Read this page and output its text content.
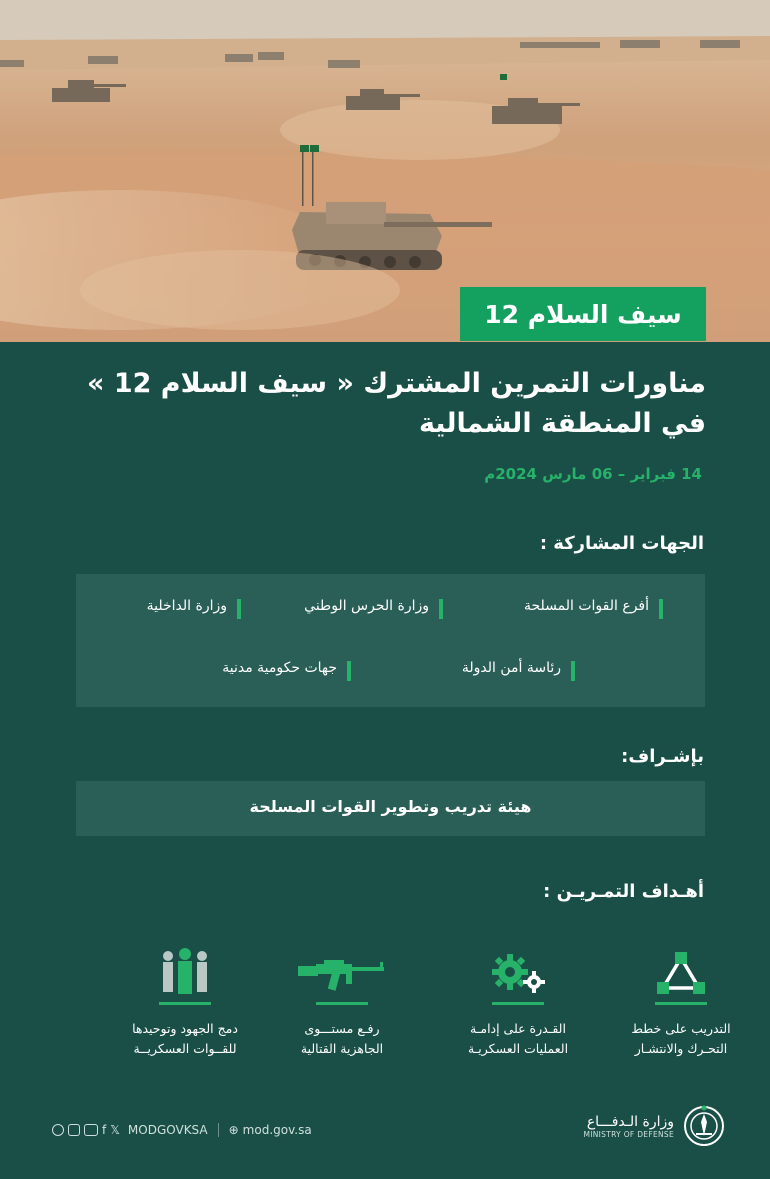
سيف السلام 12
مناورات التمرين المشترك « سيف السلام 12 »
في المنطقة الشمالية
14 فبراير – 06 مارس 2024م
الجهات المشاركة :
أفرع القوات المسلحة
وزارة الحرس الوطني
وزارة الداخلية
رئاسة أمن الدولة
جهات حكومية مدنية
بإشـراف:
هيئة تدريب وتطوير القوات المسلحة
أهـداف التمـريـن :
التدريب على خطط
التحـرك والانتشـار
القـدرة على إدامـة
العمليات العسكريـة
رفـع مستـــوى
الجاهزية القتالية
دمج الجهود وتوحيدها
للقــوات العسكريــة
f 𝕏 MODGOVKSA ⊕ mod.gov.sa
وزارة الـدفـــاع
MINISTRY OF DEFENSE
